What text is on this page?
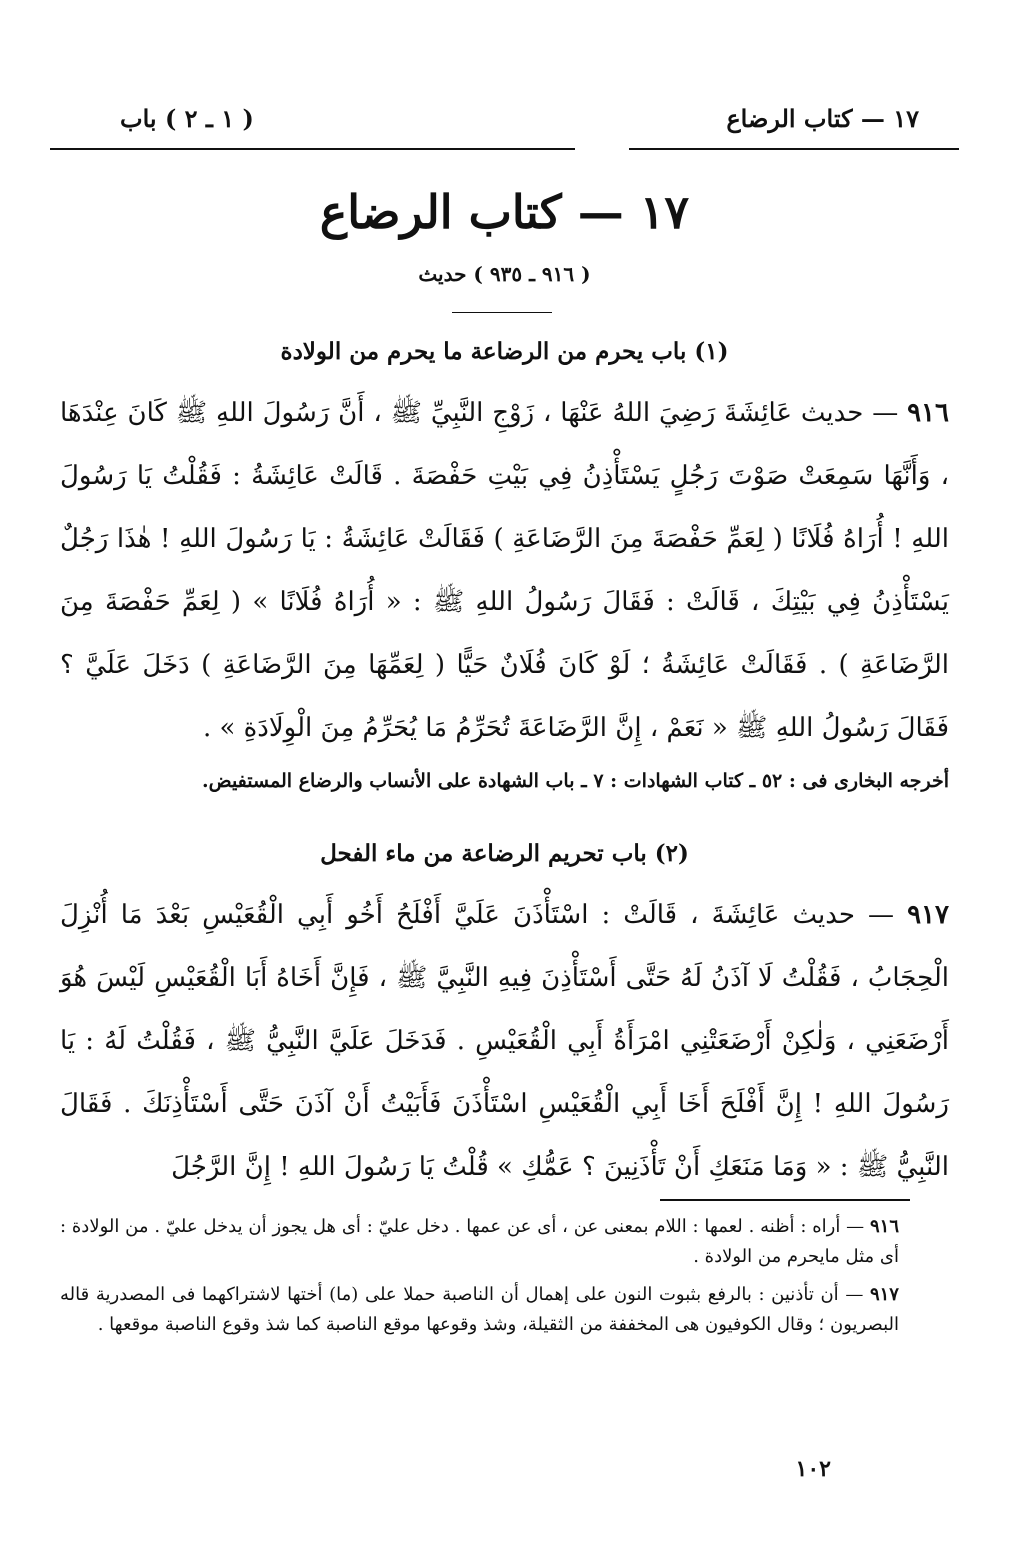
١٧ — كتاب الرضاع
( ١ ـ ٢ ) باب
١٧ — كتاب الرضاع
( ٩١٦ ـ ٩٣٥ ) حديث
(١) باب يحرم من الرضاعة ما يحرم من الولادة

٩١٦ — حديث عَائِشَةَ رَضِيَ اللهُ عَنْهَا ، زَوْجِ النَّبِيِّ ﷺ ، أَنَّ رَسُولَ اللهِ ﷺ كَانَ عِنْدَهَا ، وَأَنَّهَا سَمِعَتْ صَوْتَ رَجُلٍ يَسْتَأْذِنُ فِي بَيْتِ حَفْصَةَ . قَالَتْ عَائِشَةُ : فَقُلْتُ يَا رَسُولَ اللهِ ! أُرَاهُ فُلَانًا ( لِعَمِّ حَفْصَةَ مِنَ الرَّضَاعَةِ ) فَقَالَتْ عَائِشَةُ : يَا رَسُولَ اللهِ ! هٰذَا رَجُلٌ يَسْتَأْذِنُ فِي بَيْتِكَ ، قَالَتْ : فَقَالَ رَسُولُ اللهِ ﷺ : « أُرَاهُ فُلَانًا » ( لِعَمِّ حَفْصَةَ مِنَ الرَّضَاعَةِ ) . فَقَالَتْ عَائِشَةُ ؛ لَوْ كَانَ فُلَانٌ حَيًّا ( لِعَمِّهَا مِنَ الرَّضَاعَةِ ) دَخَلَ عَلَيَّ ؟ فَقَالَ رَسُولُ اللهِ ﷺ « نَعَمْ ، إِنَّ الرَّضَاعَةَ تُحَرِّمُ مَا يُحَرِّمُ مِنَ الْوِلَادَةِ » .

أخرجه البخارى فى : ٥٢ ـ كتاب الشهادات : ٧ ـ باب الشهادة على الأنساب والرضاع المستفيض.
(٢) باب تحريم الرضاعة من ماء الفحل

٩١٧ — حديث عَائِشَةَ ، قَالَتْ : اسْتَأْذَنَ عَلَيَّ أَفْلَحُ أَخُو أَبِي الْقُعَيْسِ بَعْدَ مَا أُنْزِلَ الْحِجَابُ ، فَقُلْتُ لَا آذَنُ لَهُ حَتَّى أَسْتَأْذِنَ فِيهِ النَّبِيَّ ﷺ ، فَإِنَّ أَخَاهُ أَبَا الْقُعَيْسِ لَيْسَ هُوَ أَرْضَعَنِي ، وَلٰكِنْ أَرْضَعَتْنِي امْرَأَةُ أَبِي الْقُعَيْسِ . فَدَخَلَ عَلَيَّ النَّبِيُّ ﷺ ، فَقُلْتُ لَهُ : يَا رَسُولَ اللهِ ! إِنَّ أَفْلَحَ أَخَا أَبِي الْقُعَيْسِ اسْتَأْذَنَ فَأَبَيْتُ أَنْ آذَنَ حَتَّى أَسْتَأْذِنَكَ . فَقَالَ النَّبِيُّ ﷺ : « وَمَا مَنَعَكِ أَنْ تَأْذَنِينَ ؟ عَمُّكِ » قُلْتُ يَا رَسُولَ اللهِ ! إِنَّ الرَّجُلَ

٩١٦ — أراه : أظنه . لعمها : اللام بمعنى عن ، أى عن عمها . دخل عليّ : أى هل يجوز أن يدخل عليّ . من الولادة : أى مثل مايحرم من الولادة .

٩١٧ — أن تأذنين : بالرفع بثبوت النون على إهمال أن الناصبة حملا على (ما) أختها لاشتراكهما فى المصدرية قاله البصريون ؛ وقال الكوفيون هى المخففة من الثقيلة، وشذ وقوعها موقع الناصبة كما شذ وقوع الناصبة موقعها .

١٠٢
